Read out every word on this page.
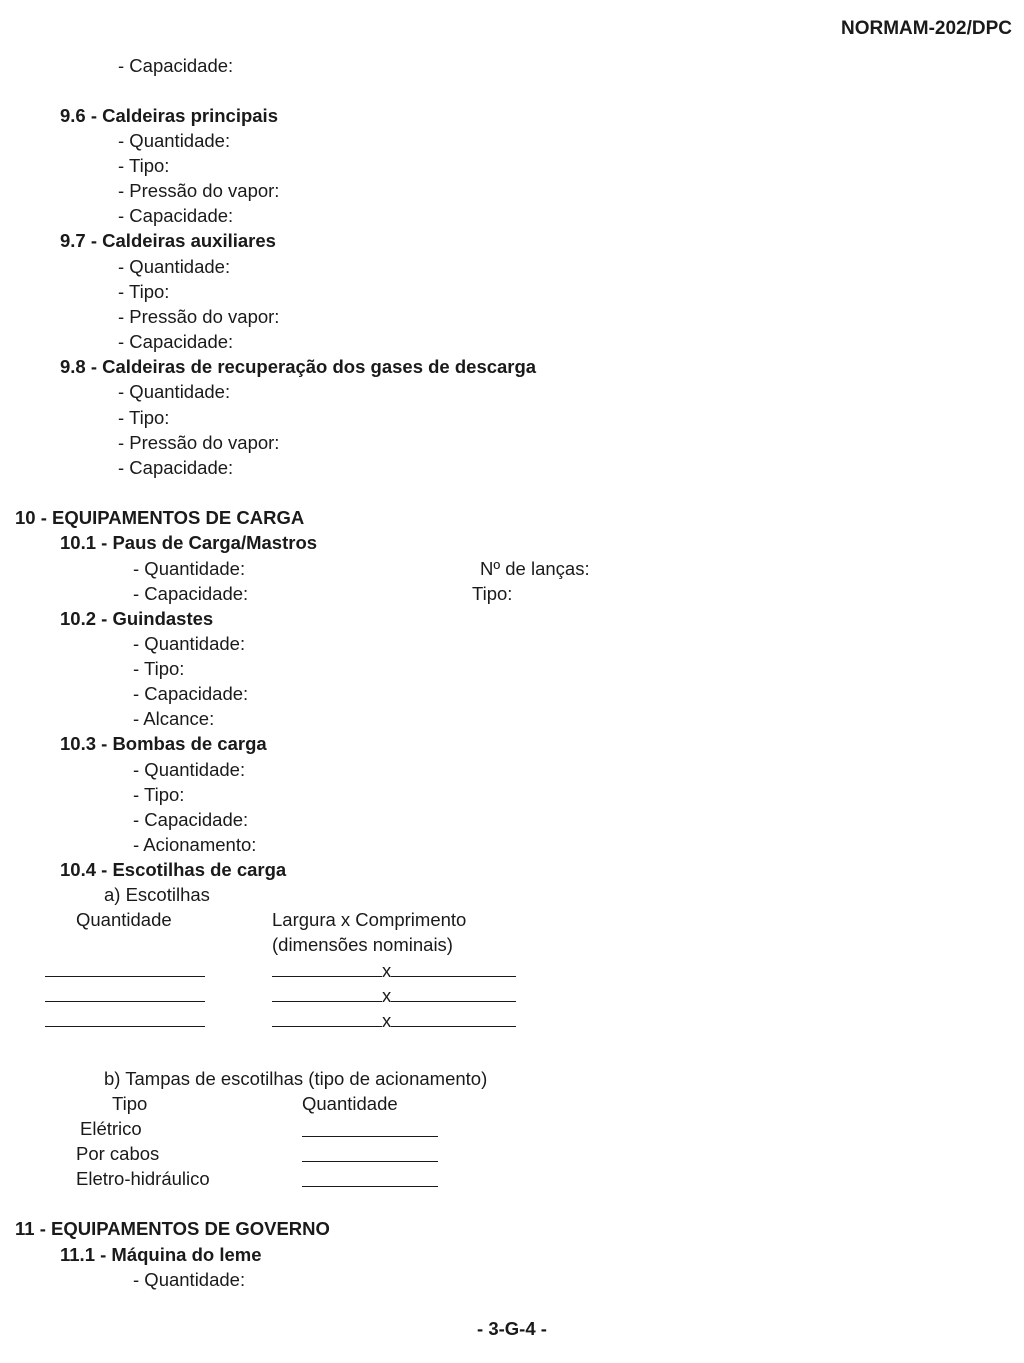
NORMAM-202/DPC
- Capacidade:
9.6 - Caldeiras principais
- Quantidade:
- Tipo:
- Pressão do vapor:
- Capacidade:
9.7 - Caldeiras auxiliares
- Quantidade:
- Tipo:
- Pressão do vapor:
- Capacidade:
9.8 - Caldeiras de recuperação dos gases de descarga
- Quantidade:
- Tipo:
- Pressão do vapor:
- Capacidade:
10 - EQUIPAMENTOS DE CARGA
10.1 - Paus de Carga/Mastros
- Quantidade:	Nº de lanças:
- Capacidade:	Tipo:
10.2 - Guindastes
- Quantidade:
- Tipo:
- Capacidade:
- Alcance:
10.3 - Bombas de carga
- Quantidade:
- Tipo:
- Capacidade:
- Acionamento:
10.4 - Escotilhas de carga
a) Escotilhas
Quantidade	Largura x Comprimento
(dimensões nominais)
x
x
x
b) Tampas de escotilhas (tipo de acionamento)
Tipo	Quantidade
Elétrico
Por cabos
Eletro-hidráulico
11 - EQUIPAMENTOS DE GOVERNO
11.1 - Máquina do leme
- Quantidade:
- 3-G-4 -
